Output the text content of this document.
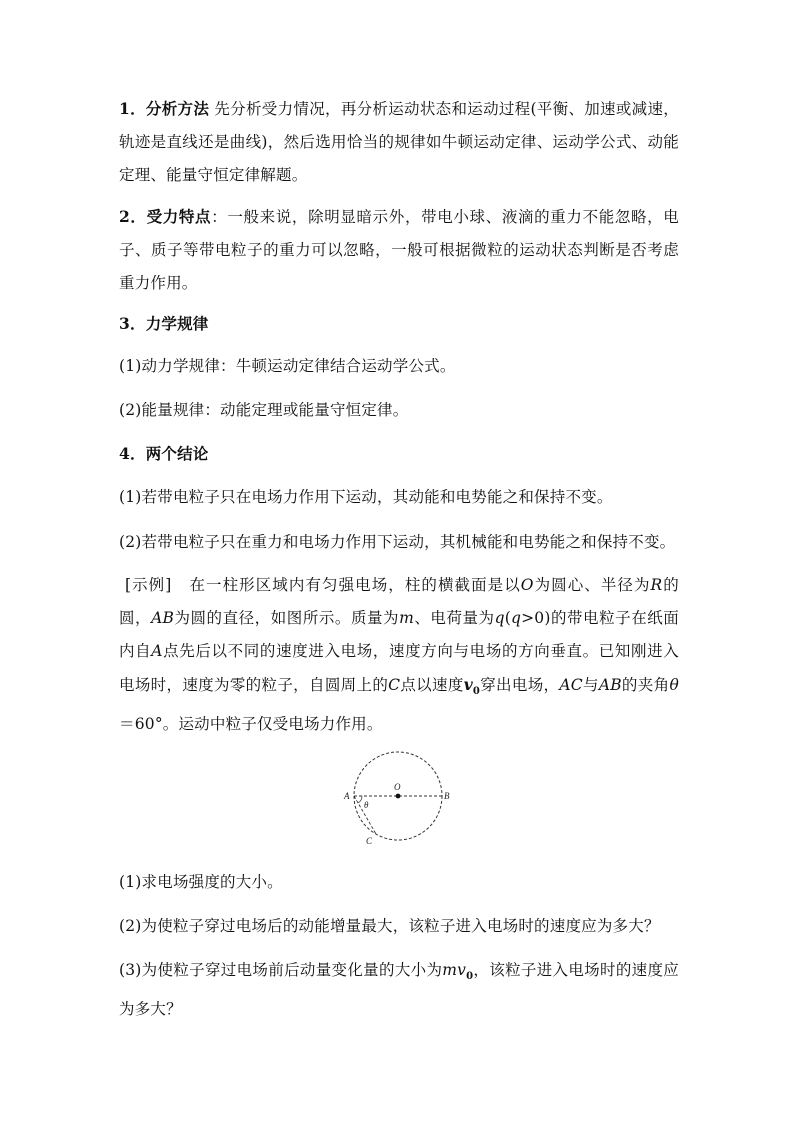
1．分析方法 先分析受力情况，再分析运动状态和运动过程(平衡、加速或减速，轨迹是直线还是曲线)，然后选用恰当的规律如牛顿运动定律、运动学公式、动能定理、能量守恒定律解题。

2．受力特点：一般来说，除明显暗示外，带电小球、液滴的重力不能忽略，电子、质子等带电粒子的重力可以忽略，一般可根据微粒的运动状态判断是否考虑重力作用。

3．力学规律

(1)动力学规律：牛顿运动定律结合运动学公式。

(2)能量规律：动能定理或能量守恒定律。

4．两个结论

(1)若带电粒子只在电场力作用下运动，其动能和电势能之和保持不变。

(2)若带电粒子只在重力和电场力作用下运动，其机械能和电势能之和保持不变。

[示例] 在一柱形区域内有匀强电场，柱的横截面是以O为圆心、半径为R的圆，AB为圆的直径，如图所示。质量为m、电荷量为q(q>0)的带电粒子在纸面内自A点先后以不同的速度进入电场，速度方向与电场的方向垂直。已知刚进入电场时，速度为零的粒子，自圆周上的C点以速度$v_0$穿出电场，AC与AB的夹角θ＝60°。运动中粒子仅受电场力作用。

O
A	B
C
θ

(1)求电场强度的大小。

(2)为使粒子穿过电场后的动能增量最大，该粒子进入电场时的速度应为多大？

(3)为使粒子穿过电场前后动量变化量的大小为$mv_0$，该粒子进入电场时的速度应为多大？
